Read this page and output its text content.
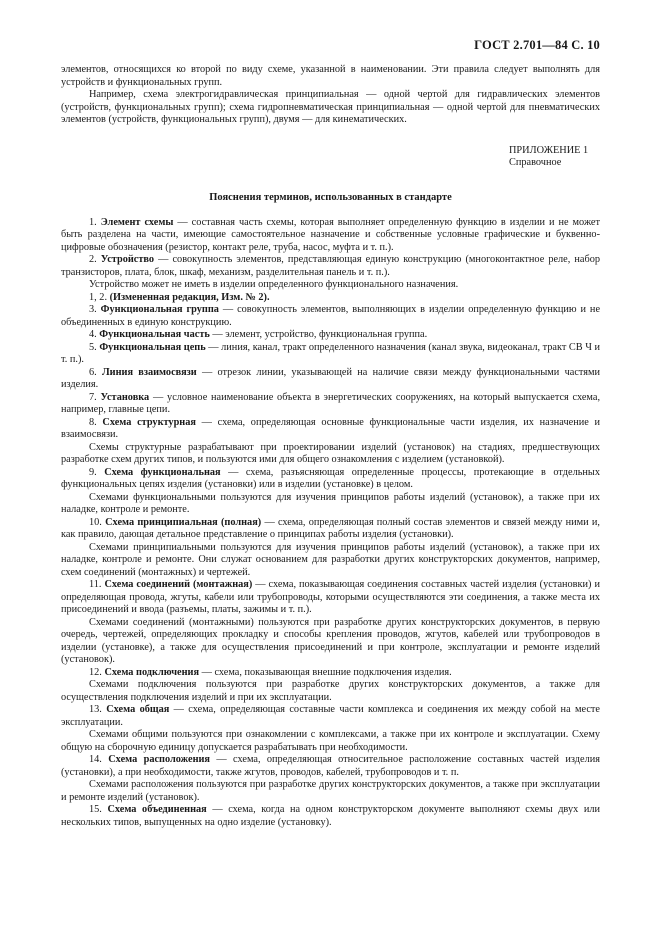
ГОСТ 2.701—84 С. 10

элементов, относящихся ко второй по виду схеме, указанной в наименовании. Эти правила следует выполнять для устройств и функциональных групп.

Например, схема электрогидравлическая принципиальная — одной чертой для гидравлических элементов (устройств, функциональных групп); схема гидропневматическая принципиальная — одной чертой для пневматических элементов (устройств, функциональных групп), двумя — для кинематических.

ПРИЛОЖЕНИЕ 1
Справочное
Пояснения терминов, использованных в стандарте

1. Элемент схемы — составная часть схемы, которая выполняет определенную функцию в изделии и не может быть разделена на части, имеющие самостоятельное назначение и собственные условные графические и буквенно-цифровые обозначения (резистор, контакт реле, труба, насос, муфта и т. п.).

2. Устройство — совокупность элементов, представляющая единую конструкцию (многоконтактное реле, набор транзисторов, плата, блок, шкаф, механизм, разделительная панель и т. п.).

Устройство может не иметь в изделии определенного функционального назначения.

1, 2. (Измененная редакция, Изм. № 2).

3. Функциональная группа — совокупность элементов, выполняющих в изделии определенную функцию и не объединенных в единую конструкцию.

4. Функциональная часть — элемент, устройство, функциональная группа.

5. Функциональная цепь — линия, канал, тракт определенного назначения (канал звука, видеоканал, тракт СВ Ч и т. п.).

6. Линия взаимосвязи — отрезок линии, указывающей на наличие связи между функциональными частями изделия.

7. Установка — условное наименование объекта в энергетических сооружениях, на который выпускается схема, например, главные цепи.

8. Схема структурная — схема, определяющая основные функциональные части изделия, их назначение и взаимосвязи.

Схемы структурные разрабатывают при проектировании изделий (установок) на стадиях, предшествующих разработке схем других типов, и пользуются ими для общего ознакомления с изделием (установкой).

9. Схема функциональная — схема, разъясняющая определенные процессы, протекающие в отдельных функциональных цепях изделия (установки) или в изделии (установке) в целом.

Схемами функциональными пользуются для изучения принципов работы изделий (установок), а также при их наладке, контроле и ремонте.

10. Схема принципиальная (полная) — схема, определяющая полный состав элементов и связей между ними и, как правило, дающая детальное представление о принципах работы изделия (установки).

Схемами принципиальными пользуются для изучения принципов работы изделий (установок), а также при их наладке, контроле и ремонте. Они служат основанием для разработки других конструкторских документов, например, схем соединений (монтажных) и чертежей.

11. Схема соединений (монтажная) — схема, показывающая соединения составных частей изделия (установки) и определяющая провода, жгуты, кабели или трубопроводы, которыми осуществляются эти соединения, а также места их присоединений и ввода (разъемы, платы, зажимы и т. п.).

Схемами соединений (монтажными) пользуются при разработке других конструкторских документов, в первую очередь, чертежей, определяющих прокладку и способы крепления проводов, жгутов, кабелей или трубопроводов в изделии (установке), а также для осуществления присоединений и при контроле, эксплуатации и ремонте изделий (установок).

12. Схема подключения — схема, показывающая внешние подключения изделия.

Схемами подключения пользуются при разработке других конструкторских документов, а также для осуществления подключения изделий и при их эксплуатации.

13. Схема общая — схема, определяющая составные части комплекса и соединения их между собой на месте эксплуатации.

Схемами общими пользуются при ознакомлении с комплексами, а также при их контроле и эксплуатации. Схему общую на сборочную единицу допускается разрабатывать при необходимости.

14. Схема расположения — схема, определяющая относительное расположение составных частей изделия (установки), а при необходимости, также жгутов, проводов, кабелей, трубопроводов и т. п.

Схемами расположения пользуются при разработке других конструкторских документов, а также при эксплуатации и ремонте изделий (установок).

15. Схема объединенная — схема, когда на одном конструкторском документе выполняют схемы двух или нескольких типов, выпущенных на одно изделие (установку).
